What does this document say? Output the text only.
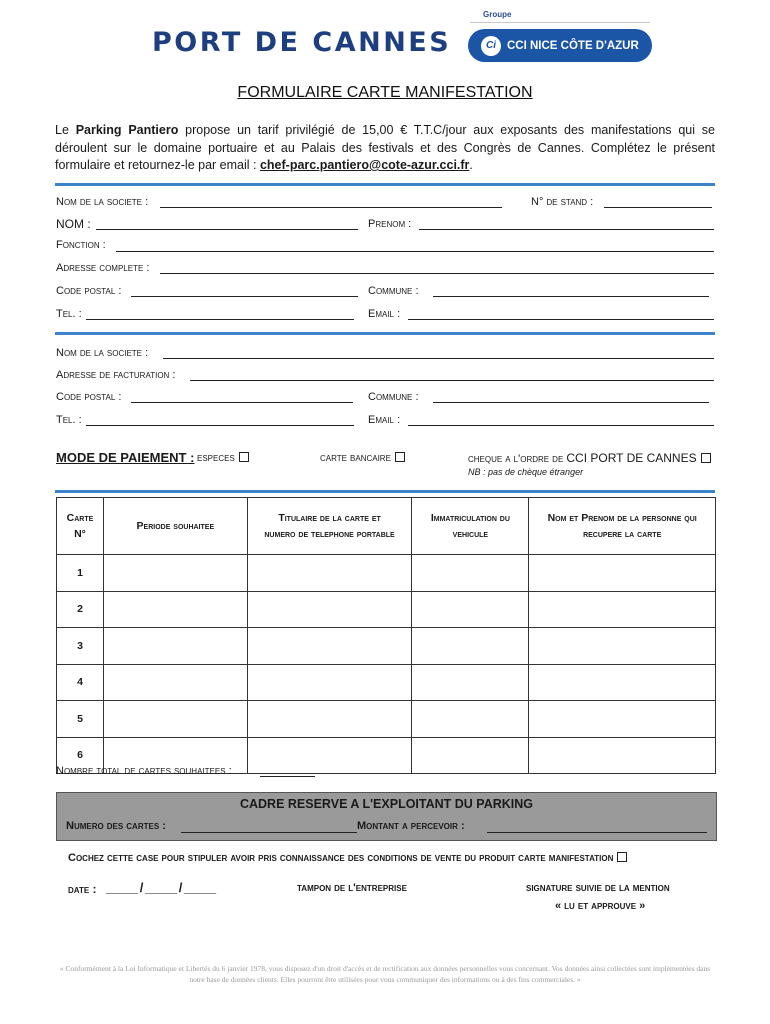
PORT DE CANNES
Groupe
Ci CCI NICE CÔTE D'AZUR
FORMULAIRE CARTE MANIFESTATION
Le Parking Pantiero propose un tarif privilégié de 15,00 € T.T.C/jour aux exposants des manifestations qui se déroulent sur le domaine portuaire et au Palais des festivals et des Congrès de Cannes. Complétez le présent formulaire et retournez-le par email : chef-parc.pantiero@cote-azur.cci.fr.
Nom de la societe :	N° de stand :
NOM :	Prenom :
Fonction :
Adresse complete :
Code postal :	Commune :
Tel. :	Email :
Nom de la societe :
Adresse de facturation :
Code postal :	Commune :
Tel. :	Email :
MODE DE PAIEMENT : especes	carte bancaire	cheque a l'ordre de CCI PORT DE CANNES
NB : pas de chèque étranger
Carte N°	Periode souhaitee	Titulaire de la carte et numero de telephone portable	Immatriculation du vehicule	Nom et Prenom de la personne qui recupere la carte
1				
2				
3				
4				
5				
6				
Nombre total de cartes souhaitees :
CADRE RESERVE A L'EXPLOITANT DU PARKING
Numero des cartes :	Montant a percevoir :
Cochez cette case pour stipuler avoir pris connaissance des conditions de vente du produit carte manifestation
date : _____ / _____ / _____	tampon de l'entreprise	signature suivie de la mention
« lu et approuve »
« Conformément à la Loi Informatique et Libertés du 6 janvier 1978, vous disposez d'un droit d'accès et de rectification aux données personnelles vous concernant. Vos données ainsi collectées sont implémentées dans notre base de données clients. Elles pourront être utilisées pour vous communiquer des informations ou à des fins commerciales. »
